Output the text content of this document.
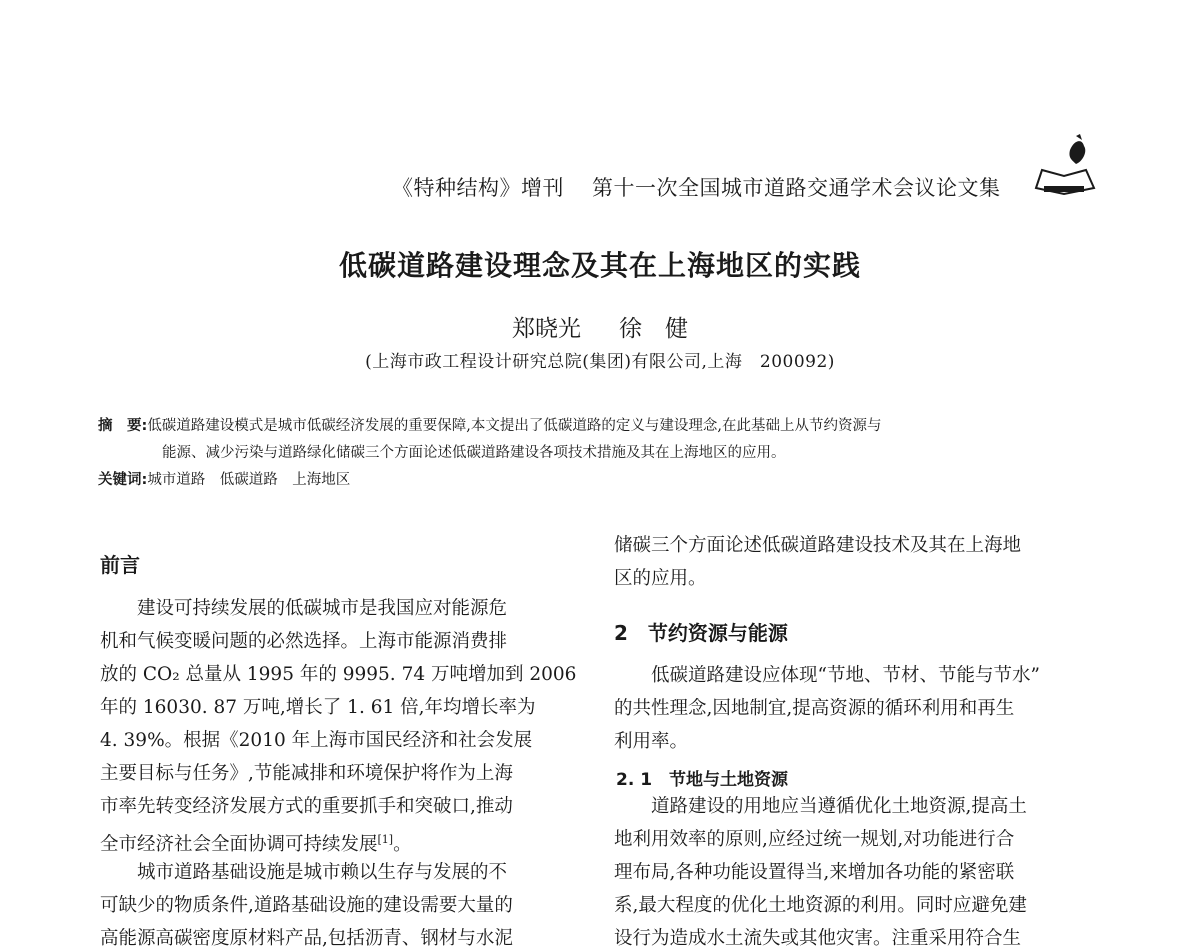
《特种结构》增刊 第十一次全国城市道路交通学术会议论文集
低碳道路建设理念及其在上海地区的实践
郑晓光 徐　健
(上海市政工程设计研究总院(集团)有限公司,上海　200092)
摘　要:低碳道路建设模式是城市低碳经济发展的重要保障,本文提出了低碳道路的定义与建设理念,在此基础上从节约资源与
能源、减少污染与道路绿化储碳三个方面论述低碳道路建设各项技术措施及其在上海地区的应用。
关键词:城市道路　低碳道路　上海地区
前言
建设可持续发展的低碳城市是我国应对能源危
机和气候变暖问题的必然选择。上海市能源消费排
放的 CO₂ 总量从 1995 年的 9995. 74 万吨增加到 2006
年的 16030. 87 万吨,增长了 1. 61 倍,年均增长率为
4. 39%。根据《2010 年上海市国民经济和社会发展
主要目标与任务》,节能减排和环境保护将作为上海
市率先转变经济发展方式的重要抓手和突破口,推动
全市经济社会全面协调可持续发展[1]。
城市道路基础设施是城市赖以生存与发展的不
可缺少的物质条件,道路基础设施的建设需要大量的
高能源高碳密度原材料产品,包括沥青、钢材与水泥
储碳三个方面论述低碳道路建设技术及其在上海地
区的应用。
2　节约资源与能源
低碳道路建设应体现“节地、节材、节能与节水”
的共性理念,因地制宜,提高资源的循环利用和再生
利用率。
2. 1　节地与土地资源
道路建设的用地应当遵循优化土地资源,提高土
地利用效率的原则,应经过统一规划,对功能进行合
理布局,各种功能设置得当,来增加各功能的紧密联
系,最大程度的优化土地资源的利用。同时应避免建
设行为造成水土流失或其他灾害。注重采用符合生
